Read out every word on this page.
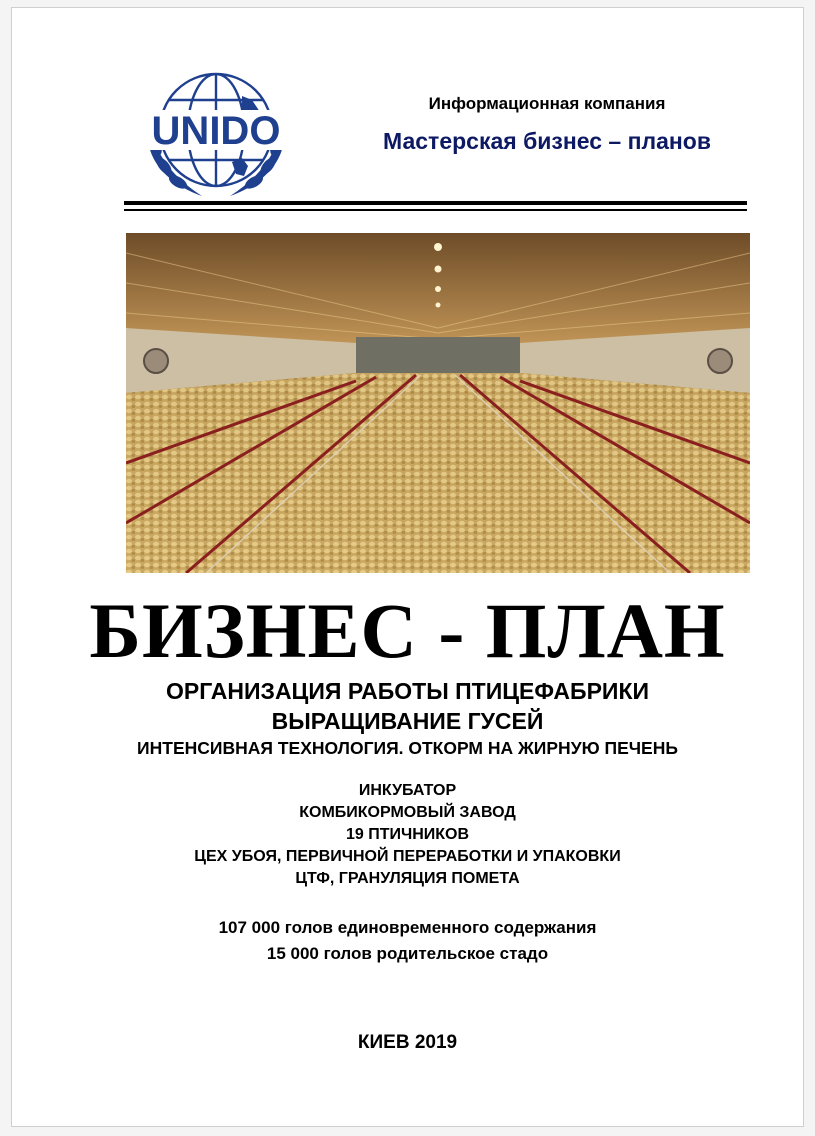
UNIDO
Информационная компания
Мастерская бизнес – планов
БИЗНЕС - ПЛАН
ОРГАНИЗАЦИЯ РАБОТЫ ПТИЦЕФАБРИКИ
ВЫРАЩИВАНИЕ ГУСЕЙ
ИНТЕНСИВНАЯ ТЕХНОЛОГИЯ. ОТКОРМ НА ЖИРНУЮ ПЕЧЕНЬ
ИНКУБАТОР
КОМБИКОРМОВЫЙ ЗАВОД
19 ПТИЧНИКОВ
ЦЕХ УБОЯ, ПЕРВИЧНОЙ ПЕРЕРАБОТКИ И УПАКОВКИ
ЦТФ, ГРАНУЛЯЦИЯ ПОМЕТА
107 000 голов единовременного содержания
15 000 голов родительское стадо
КИЕВ 2019
